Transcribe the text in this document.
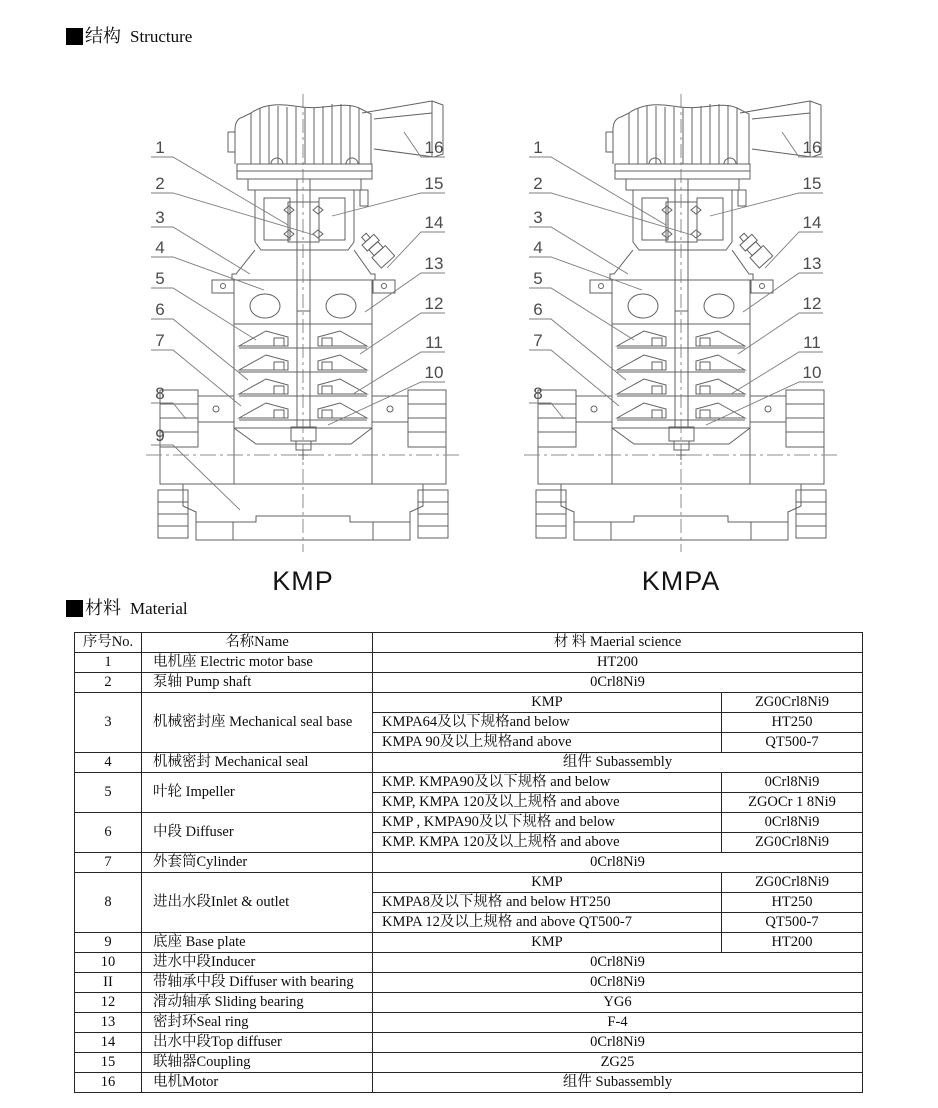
结构 Structure
1
2
3
4
5
6
7
8
9
16
15
14
13
12
11
10
KMP
1
2
3
4
5
6
7
8
16
15
14
13
12
11
10
KMPA
材料 Material
序号No.	名称Name	材 料 Maerial science	
1	电机座 Electric motor base	HT200	
2	泵轴 Pump shaft	0Crl8Ni9	
3	机械密封座 Mechanical seal base	KMP	ZG0Crl8Ni9
		KMPA64及以下规格and below	HT250
		KMPA 90及以上规格and above	QT500-7
4	机械密封 Mechanical seal	组件 Subassembly	
5	叶轮 Impeller	KMP. KMPA90及以下规格 and below	0Crl8Ni9
		KMP, KMPA 120及以上规格 and above	ZGOCr 1 8Ni9
6	中段 Diffuser	KMP , KMPA90及以下规格 and below	0Crl8Ni9
		KMP. KMPA 120及以上规格 and above	ZG0Crl8Ni9
7	外套筒Cylinder	0Crl8Ni9	
8	进出水段Inlet & outlet	KMP	ZG0Crl8Ni9
		KMPA8及以下规格 and below HT250	HT250
		KMPA 12及以上规格 and above QT500-7	QT500-7
9	底座 Base plate	KMP	HT200
10	进水中段Inducer	0Crl8Ni9	
II	带轴承中段 Diffuser with bearing	0Crl8Ni9	
12	滑动轴承 Sliding bearing	YG6	
13	密封环Seal ring	F-4	
14	出水中段Top diffuser	0Crl8Ni9	
15	联轴器Coupling	ZG25	
16	电机Motor	组件 Subassembly	
